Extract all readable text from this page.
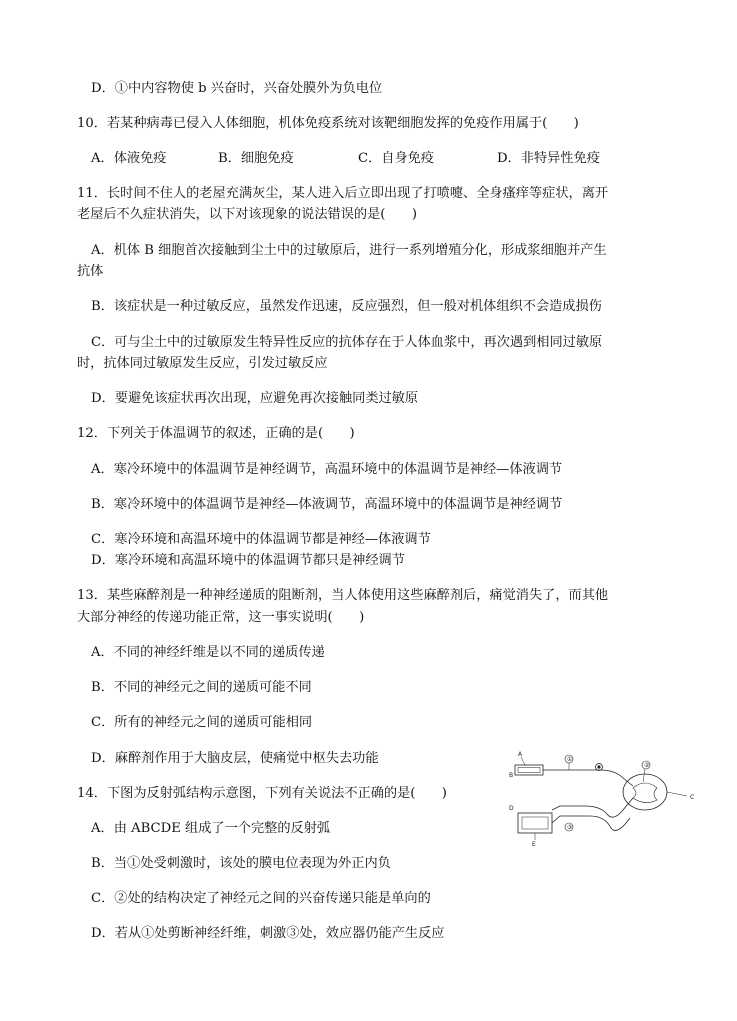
D．①中内容物使 b 兴奋时，兴奋处膜外为负电位
10．若某种病毒已侵入人体细胞，机体免疫系统对该靶细胞发挥的免疫作用属于(　　)
A．体液免疫	B．细胞免疫	C．自身免疫	D．非特异性免疫
11．长时间不住人的老屋充满灰尘，某人进入后立即出现了打喷嚏、全身瘙痒等症状，离开
老屋后不久症状消失，以下对该现象的说法错误的是(　　)
A．机体 B 细胞首次接触到尘土中的过敏原后，进行一系列增殖分化，形成浆细胞并产生
抗体
B．该症状是一种过敏反应，虽然发作迅速，反应强烈，但一般对机体组织不会造成损伤
C．可与尘土中的过敏原发生特异性反应的抗体存在于人体血浆中，再次遇到相同过敏原
时，抗体同过敏原发生反应，引发过敏反应
D．要避免该症状再次出现，应避免再次接触同类过敏原
12．下列关于体温调节的叙述，正确的是(　　)
A．寒冷环境中的体温调节是神经调节，高温环境中的体温调节是神经—体液调节
B．寒冷环境中的体温调节是神经—体液调节，高温环境中的体温调节是神经调节
C．寒冷环境和高温环境中的体温调节都是神经—体液调节
D．寒冷环境和高温环境中的体温调节都只是神经调节
13．某些麻醉剂是一种神经递质的阻断剂，当人体使用这些麻醉剂后，痛觉消失了，而其他
大部分神经的传递功能正常，这一事实说明(　　)
A．不同的神经纤维是以不同的递质传递
B．不同的神经元之间的递质可能不同
C．所有的神经元之间的递质可能相同
D．麻醉剂作用于大脑皮层，使痛觉中枢失去功能
14．下图为反射弧结构示意图，下列有关说法不正确的是(　　)
A．由 ABCDE 组成了一个完整的反射弧
B．当①处受刺激时，该处的膜电位表现为外正内负
C．②处的结构决定了神经元之间的兴奋传递只能是单向的
D．若从①处剪断神经纤维，刺激③处，效应器仍能产生反应
A
B
C
D
E
①
②
③
